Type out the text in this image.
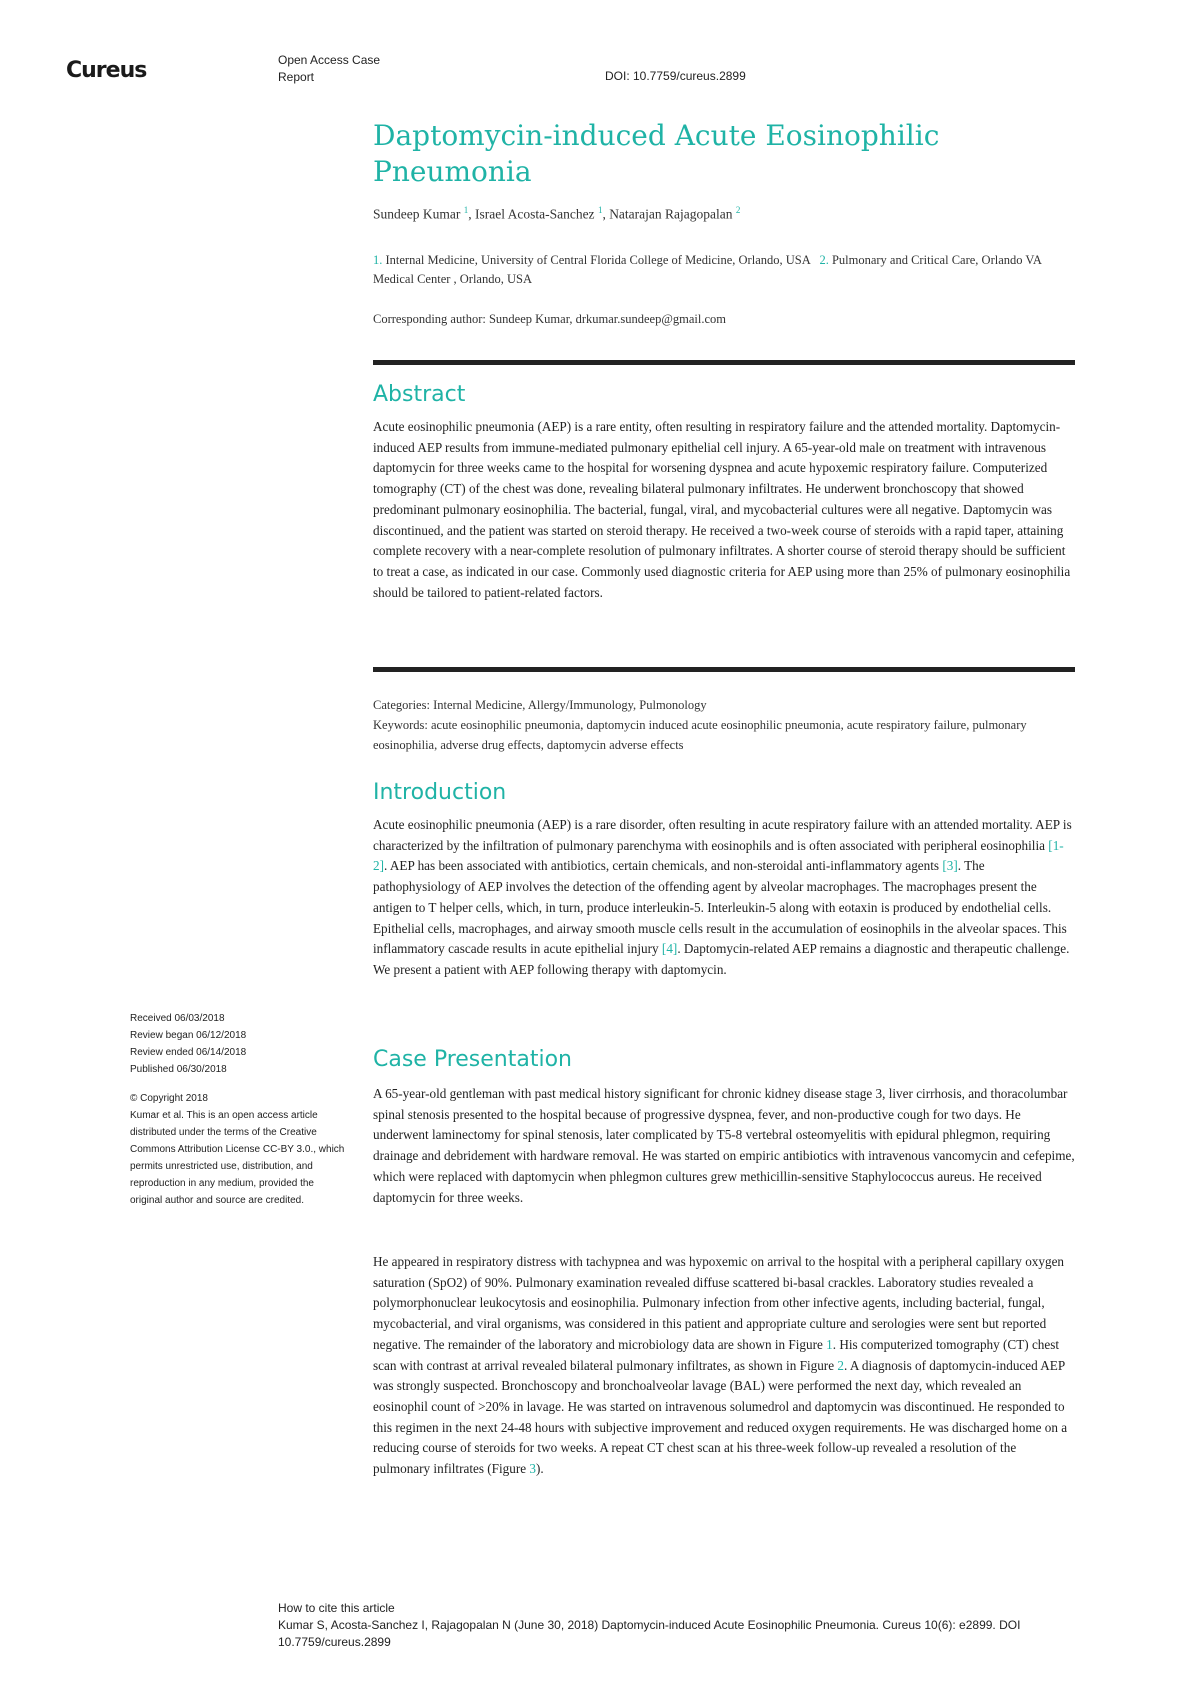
Cureus	Open Access Case Report	DOI: 10.7759/cureus.2899
Daptomycin-induced Acute Eosinophilic Pneumonia
Sundeep Kumar $^1$, Israel Acosta-Sanchez $^1$, Natarajan Rajagopalan $^2$
1. Internal Medicine, University of Central Florida College of Medicine, Orlando, USA 2. Pulmonary and Critical Care, Orlando VA Medical Center , Orlando, USA
Corresponding author: Sundeep Kumar, drkumar.sundeep@gmail.com
Abstract
Acute eosinophilic pneumonia (AEP) is a rare entity, often resulting in respiratory failure and the attended mortality. Daptomycin-induced AEP results from immune-mediated pulmonary epithelial cell injury. A 65-year-old male on treatment with intravenous daptomycin for three weeks came to the hospital for worsening dyspnea and acute hypoxemic respiratory failure. Computerized tomography (CT) of the chest was done, revealing bilateral pulmonary infiltrates. He underwent bronchoscopy that showed predominant pulmonary eosinophilia. The bacterial, fungal, viral, and mycobacterial cultures were all negative. Daptomycin was discontinued, and the patient was started on steroid therapy. He received a two-week course of steroids with a rapid taper, attaining complete recovery with a near-complete resolution of pulmonary infiltrates. A shorter course of steroid therapy should be sufficient to treat a case, as indicated in our case. Commonly used diagnostic criteria for AEP using more than 25% of pulmonary eosinophilia should be tailored to patient-related factors.
Categories: Internal Medicine, Allergy/Immunology, Pulmonology
Keywords: acute eosinophilic pneumonia, daptomycin induced acute eosinophilic pneumonia, acute respiratory failure, pulmonary eosinophilia, adverse drug effects, daptomycin adverse effects
Introduction
Acute eosinophilic pneumonia (AEP) is a rare disorder, often resulting in acute respiratory failure with an attended mortality. AEP is characterized by the infiltration of pulmonary parenchyma with eosinophils and is often associated with peripheral eosinophilia [1-2]. AEP has been associated with antibiotics, certain chemicals, and non-steroidal anti-inflammatory agents [3]. The pathophysiology of AEP involves the detection of the offending agent by alveolar macrophages. The macrophages present the antigen to T helper cells, which, in turn, produce interleukin-5. Interleukin-5 along with eotaxin is produced by endothelial cells. Epithelial cells, macrophages, and airway smooth muscle cells result in the accumulation of eosinophils in the alveolar spaces. This inflammatory cascade results in acute epithelial injury [4]. Daptomycin-related AEP remains a diagnostic and therapeutic challenge. We present a patient with AEP following therapy with daptomycin.
Case Presentation
A 65-year-old gentleman with past medical history significant for chronic kidney disease stage 3, liver cirrhosis, and thoracolumbar spinal stenosis presented to the hospital because of progressive dyspnea, fever, and non-productive cough for two days. He underwent laminectomy for spinal stenosis, later complicated by T5-8 vertebral osteomyelitis with epidural phlegmon, requiring drainage and debridement with hardware removal. He was started on empiric antibiotics with intravenous vancomycin and cefepime, which were replaced with daptomycin when phlegmon cultures grew methicillin-sensitive Staphylococcus aureus. He received daptomycin for three weeks.
He appeared in respiratory distress with tachypnea and was hypoxemic on arrival to the hospital with a peripheral capillary oxygen saturation (SpO2) of 90%. Pulmonary examination revealed diffuse scattered bi-basal crackles. Laboratory studies revealed a polymorphonuclear leukocytosis and eosinophilia. Pulmonary infection from other infective agents, including bacterial, fungal, mycobacterial, and viral organisms, was considered in this patient and appropriate culture and serologies were sent but reported negative. The remainder of the laboratory and microbiology data are shown in Figure 1. His computerized tomography (CT) chest scan with contrast at arrival revealed bilateral pulmonary infiltrates, as shown in Figure 2. A diagnosis of daptomycin-induced AEP was strongly suspected. Bronchoscopy and bronchoalveolar lavage (BAL) were performed the next day, which revealed an eosinophil count of >20% in lavage. He was started on intravenous solumedrol and daptomycin was discontinued. He responded to this regimen in the next 24-48 hours with subjective improvement and reduced oxygen requirements. He was discharged home on a reducing course of steroids for two weeks. A repeat CT chest scan at his three-week follow-up revealed a resolution of the pulmonary infiltrates (Figure 3).
Received 06/03/2018
Review began 06/12/2018
Review ended 06/14/2018
Published 06/30/2018
© Copyright 2018
Kumar et al. This is an open access article distributed under the terms of the Creative Commons Attribution License CC-BY 3.0., which permits unrestricted use, distribution, and reproduction in any medium, provided the original author and source are credited.
How to cite this article
Kumar S, Acosta-Sanchez I, Rajagopalan N (June 30, 2018) Daptomycin-induced Acute Eosinophilic Pneumonia. Cureus 10(6): e2899. DOI 10.7759/cureus.2899
